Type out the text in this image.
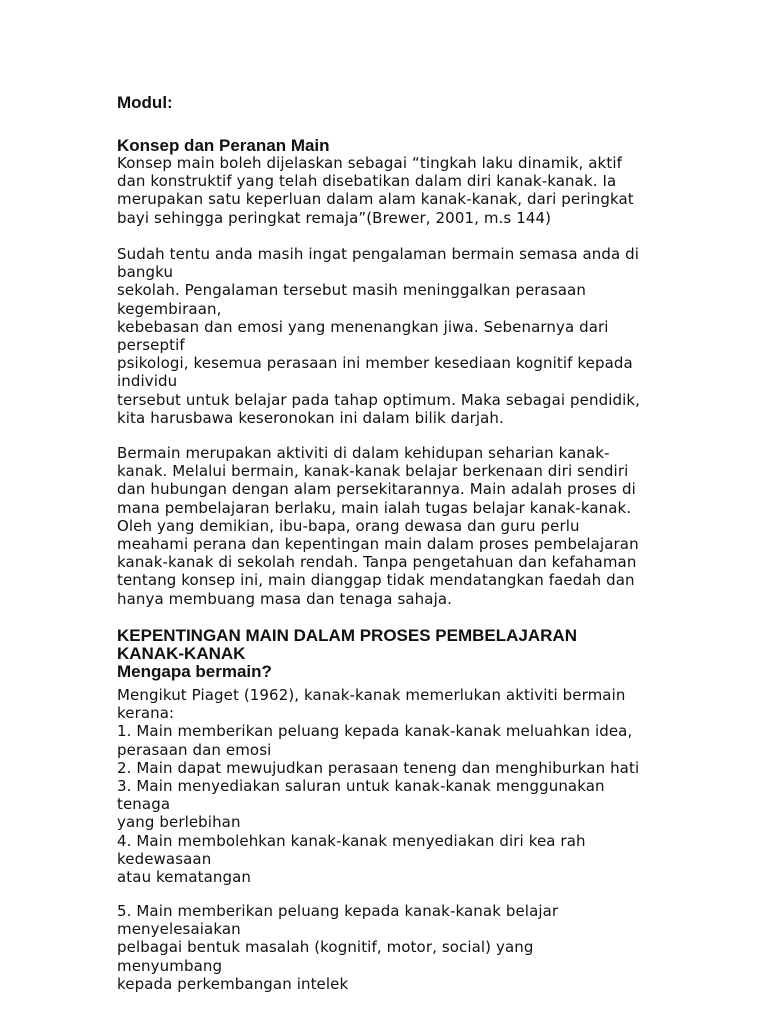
Modul:
Konsep dan Peranan Main
Konsep main boleh dijelaskan sebagai “tingkah laku dinamik, aktif
dan konstruktif yang telah disebatikan dalam diri kanak-kanak. Ia
merupakan satu keperluan dalam alam kanak-kanak, dari peringkat
bayi sehingga peringkat remaja”(Brewer, 2001, m.s 144)
Sudah tentu anda masih ingat pengalaman bermain semasa anda di
bangku
sekolah. Pengalaman tersebut masih meninggalkan perasaan
kegembiraan,
kebebasan dan emosi yang menenangkan jiwa. Sebenarnya dari
perseptif
psikologi, kesemua perasaan ini member kesediaan kognitif kepada
individu
tersebut untuk belajar pada tahap optimum. Maka sebagai pendidik,
kita harusbawa keseronokan ini dalam bilik darjah.
Bermain merupakan aktiviti di dalam kehidupan seharian kanak-
kanak. Melalui bermain, kanak-kanak belajar berkenaan diri sendiri
dan hubungan dengan alam persekitarannya. Main adalah proses di
mana pembelajaran berlaku, main ialah tugas belajar kanak-kanak.
Oleh yang demikian, ibu-bapa, orang dewasa dan guru perlu
meahami perana dan kepentingan main dalam proses pembelajaran
kanak-kanak di sekolah rendah. Tanpa pengetahuan dan kefahaman
tentang konsep ini, main dianggap tidak mendatangkan faedah dan
hanya membuang masa dan tenaga sahaja.
KEPENTINGAN MAIN DALAM PROSES PEMBELAJARAN
KANAK-KANAK
Mengapa bermain?
Mengikut Piaget (1962), kanak-kanak memerlukan aktiviti bermain
kerana:
1. Main memberikan peluang kepada kanak-kanak meluahkan idea,
perasaan dan emosi
2. Main dapat mewujudkan perasaan teneng dan menghiburkan hati
3. Main menyediakan saluran untuk kanak-kanak menggunakan
tenaga
yang berlebihan
4. Main membolehkan kanak-kanak menyediakan diri kea rah
kedewasaan
atau kematangan
5. Main memberikan peluang kepada kanak-kanak belajar
menyelesaiakan
pelbagai bentuk masalah (kognitif, motor, social) yang
menyumbang
kepada perkembangan intelek
